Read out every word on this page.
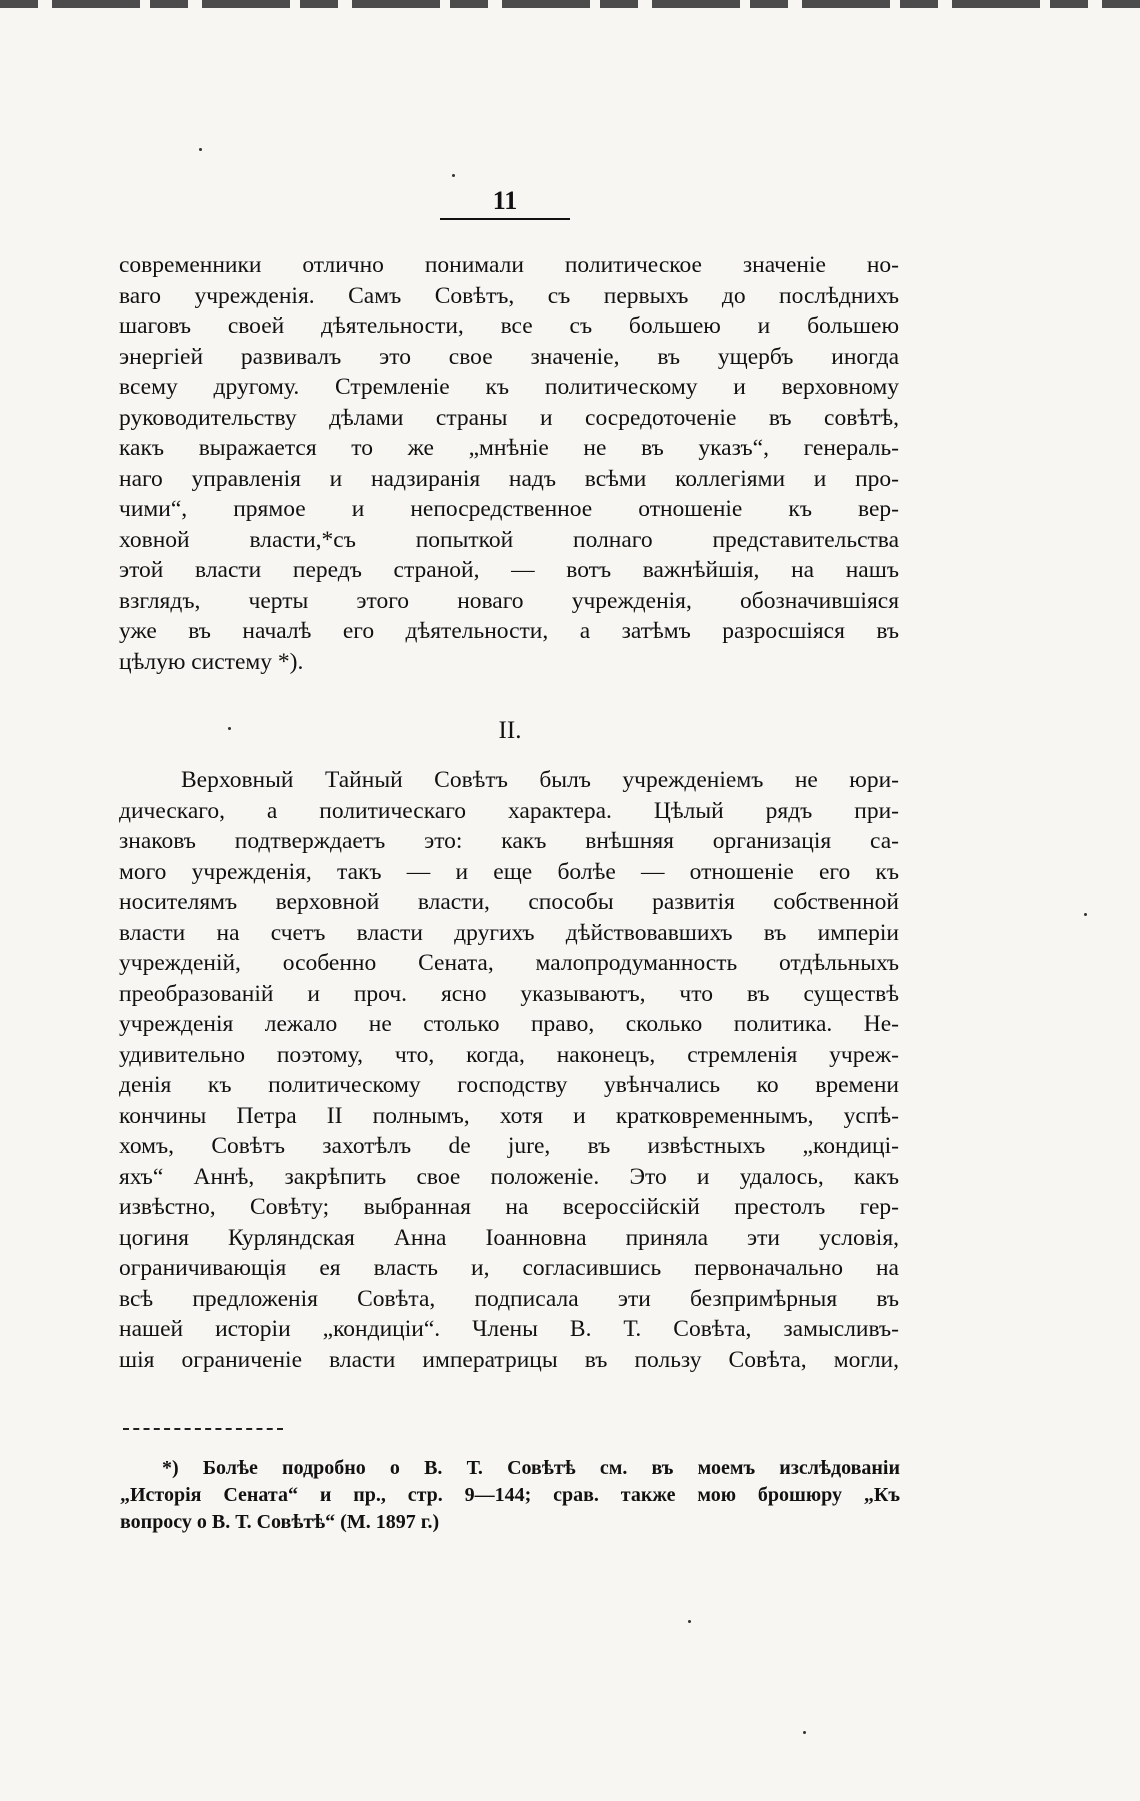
11
современники отлично понимали политическое значеніе но-
ваго учрежденія. Самъ Совѣтъ, съ первыхъ до послѣднихъ
шаговъ своей дѣятельности, все съ большею и большею
энергіей развивалъ это свое значеніе, въ ущербъ иногда
всему другому. Стремленіе къ политическому и верховному
руководительству дѣлами страны и сосредоточеніе въ совѣтѣ,
какъ выражается то же „мнѣніе не въ указъ“, генераль-
наго управленія и надзиранія надъ всѣми коллегіями и про-
чими“, прямое и непосредственное отношеніе къ вер-
ховной власти,*съ попыткой полнаго представительства
этой власти передъ страной, — вотъ важнѣйшія, на нашъ
взглядъ, черты этого новаго учрежденія, обозначившіяся
уже въ началѣ его дѣятельности, а затѣмъ разросшіяся въ
цѣлую систему *).
II.
Верховный Тайный Совѣтъ былъ учрежденіемъ не юри-
дическаго, а политическаго характера. Цѣлый рядъ при-
знаковъ подтверждаетъ это: какъ внѣшняя организація са-
мого учрежденія, такъ — и еще болѣе — отношеніе его къ
носителямъ верховной власти, способы развитія собственной
власти на счетъ власти другихъ дѣйствовавшихъ въ имперіи
учрежденій, особенно Сената, малопродуманность отдѣльныхъ
преобразованій и проч. ясно указываютъ, что въ существѣ
учрежденія лежало не столько право, сколько политика. Не-
удивительно поэтому, что, когда, наконецъ, стремленія учреж-
денія къ политическому господству увѣнчались ко времени
кончины Петра II полнымъ, хотя и кратковременнымъ, успѣ-
хомъ, Совѣтъ захотѣлъ de jure, въ извѣстныхъ „кондиці-
яхъ“ Аннѣ, закрѣпить свое положеніе. Это и удалось, какъ
извѣстно, Совѣту; выбранная на всероссійскій престолъ гер-
цогиня Курляндская Анна Іоанновна приняла эти условія,
ограничивающія ея власть и, согласившись первоначально на
всѣ предложенія Совѣта, подписала эти безпримѣрныя въ
нашей исторіи „кондиціи“. Члены В. Т. Совѣта, замысливъ-
шія ограниченіе власти императрицы въ пользу Совѣта, могли,
*) Болѣе подробно о В. Т. Совѣтѣ см. въ моемъ изслѣдованіи
„Исторія Сената“ и пр., стр. 9—144; срав. также мою брошюру „Къ
вопросу о В. Т. Совѣтѣ“ (М. 1897 г.)
